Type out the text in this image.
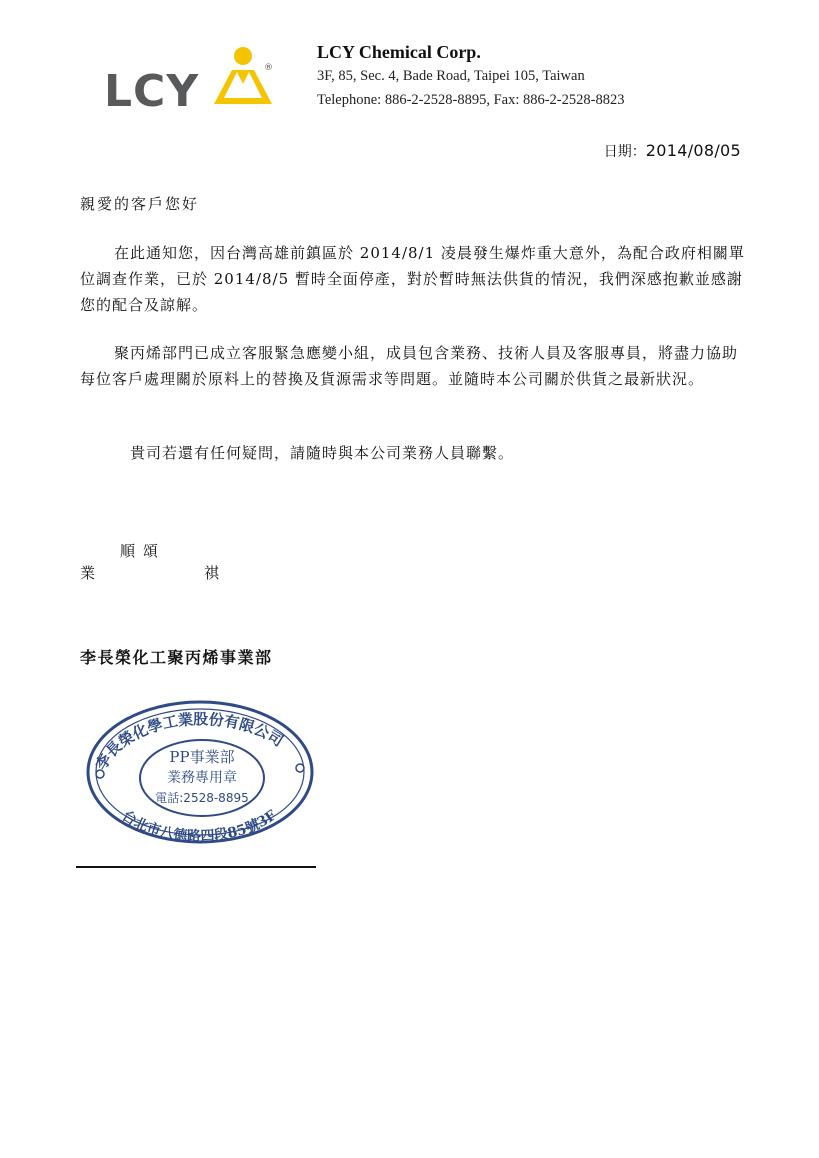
LCY	®

LCY Chemical Corp.

3F, 85, Sec. 4, Bade Road, Taipei 105, Taiwan

Telephone: 886-2-2528-8895, Fax: 886-2-2528-8823

日期：2014/08/05
親愛的客戶您好

在此通知您，因台灣高雄前鎮區於 2014/8/1 凌晨發生爆炸重大意外，為配合政府相關單位調查作業，已於 2014/8/5 暫時全面停產，對於暫時無法供貨的情況，我們深感抱歉並感謝您的配合及諒解。

聚丙烯部門已成立客服緊急應變小組，成員包含業務、技術人員及客服專員，將盡力協助每位客戶處理關於原料上的替換及貨源需求等問題。並隨時本公司關於供貨之最新狀況。

貴司若還有任何疑問，請隨時與本公司業務人員聯繫。

順頌
業	祺
李長榮化工聚丙烯事業部
李長榮化學工業股份有限公司
台北市八德路四段85號3F
PP事業部
業務專用章
電話:2528-8895
